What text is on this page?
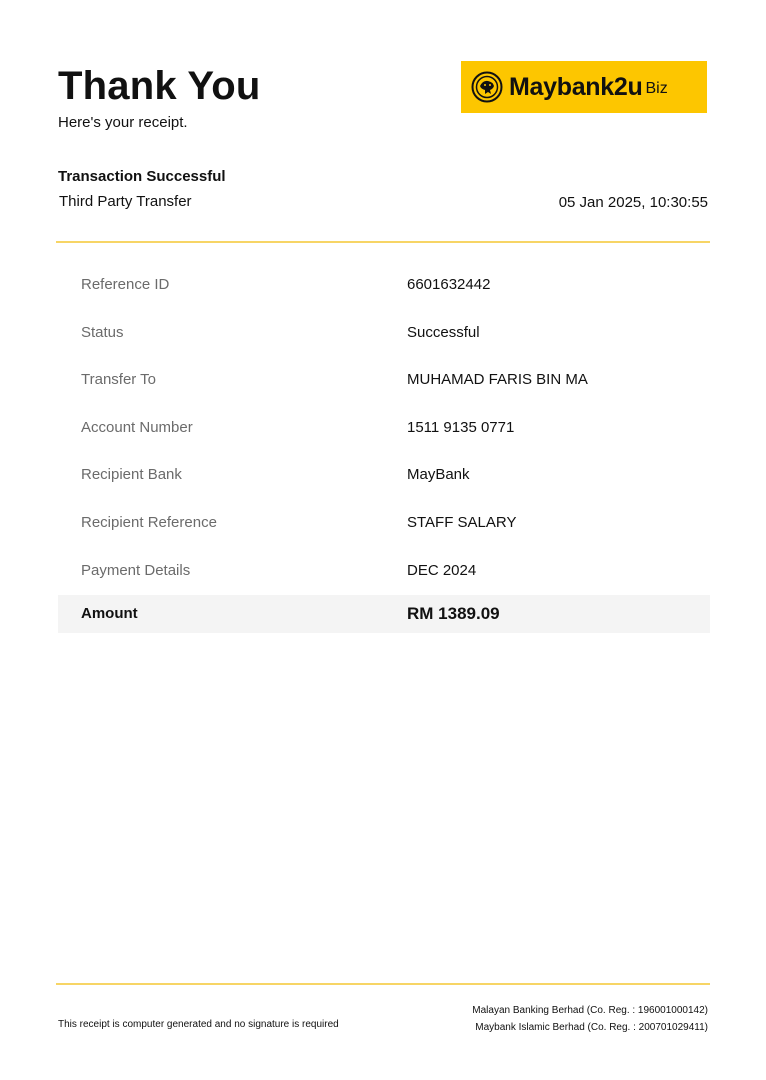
Thank You
Here's your receipt.
Maybank2u Biz
Transaction Successful
Third Party Transfer	05 Jan 2025, 10:30:55
Reference ID	6601632442
Status	Successful
Transfer To	MUHAMAD FARIS BIN MA
Account Number	1511 9135 0771
Recipient Bank	MayBank
Recipient Reference	STAFF SALARY
Payment Details	DEC 2024
Amount	RM 1389.09
This receipt is computer generated and no signature is required
Malayan Banking Berhad (Co. Reg. : 196001000142)
Maybank Islamic Berhad (Co. Reg. : 200701029411)
